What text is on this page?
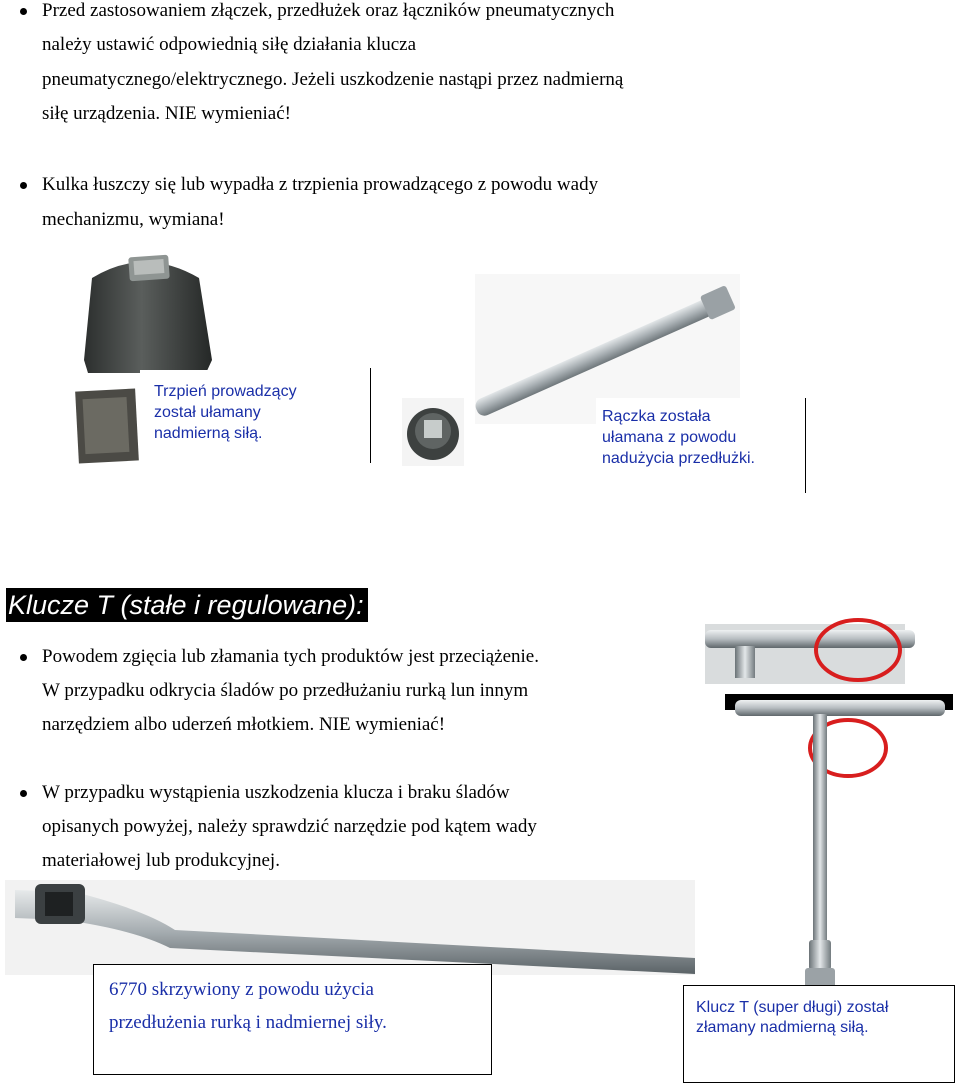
Przed zastosowaniem złączek, przedłużek oraz łączników pneumatycznych
należy ustawić odpowiednią siłę działania klucza
pneumatycznego/elektrycznego. Jeżeli uszkodzenie nastąpi przez nadmierną
siłę urządzenia. NIE wymieniać!
Kulka łuszczy się lub wypadła z trzpienia prowadzącego z powodu wady
mechanizmu, wymiana!
Trzpień prowadzący
został ułamany
nadmierną siłą.
Rączka została
ułamana z powodu
nadużycia przedłużki.
Klucze T (stałe i regulowane):
Powodem zgięcia lub złamania tych produktów jest przeciążenie.
W przypadku odkrycia śladów po przedłużaniu rurką lun innym
narzędziem albo uderzeń młotkiem. NIE wymieniać!
W przypadku wystąpienia uszkodzenia klucza i braku śladów
opisanych powyżej, należy sprawdzić narzędzie pod kątem wady
materiałowej lub produkcyjnej.
6770 skrzywiony z powodu użycia
przedłużenia rurką i nadmiernej siły.
Klucz T (super długi) został
złamany nadmierną siłą.
